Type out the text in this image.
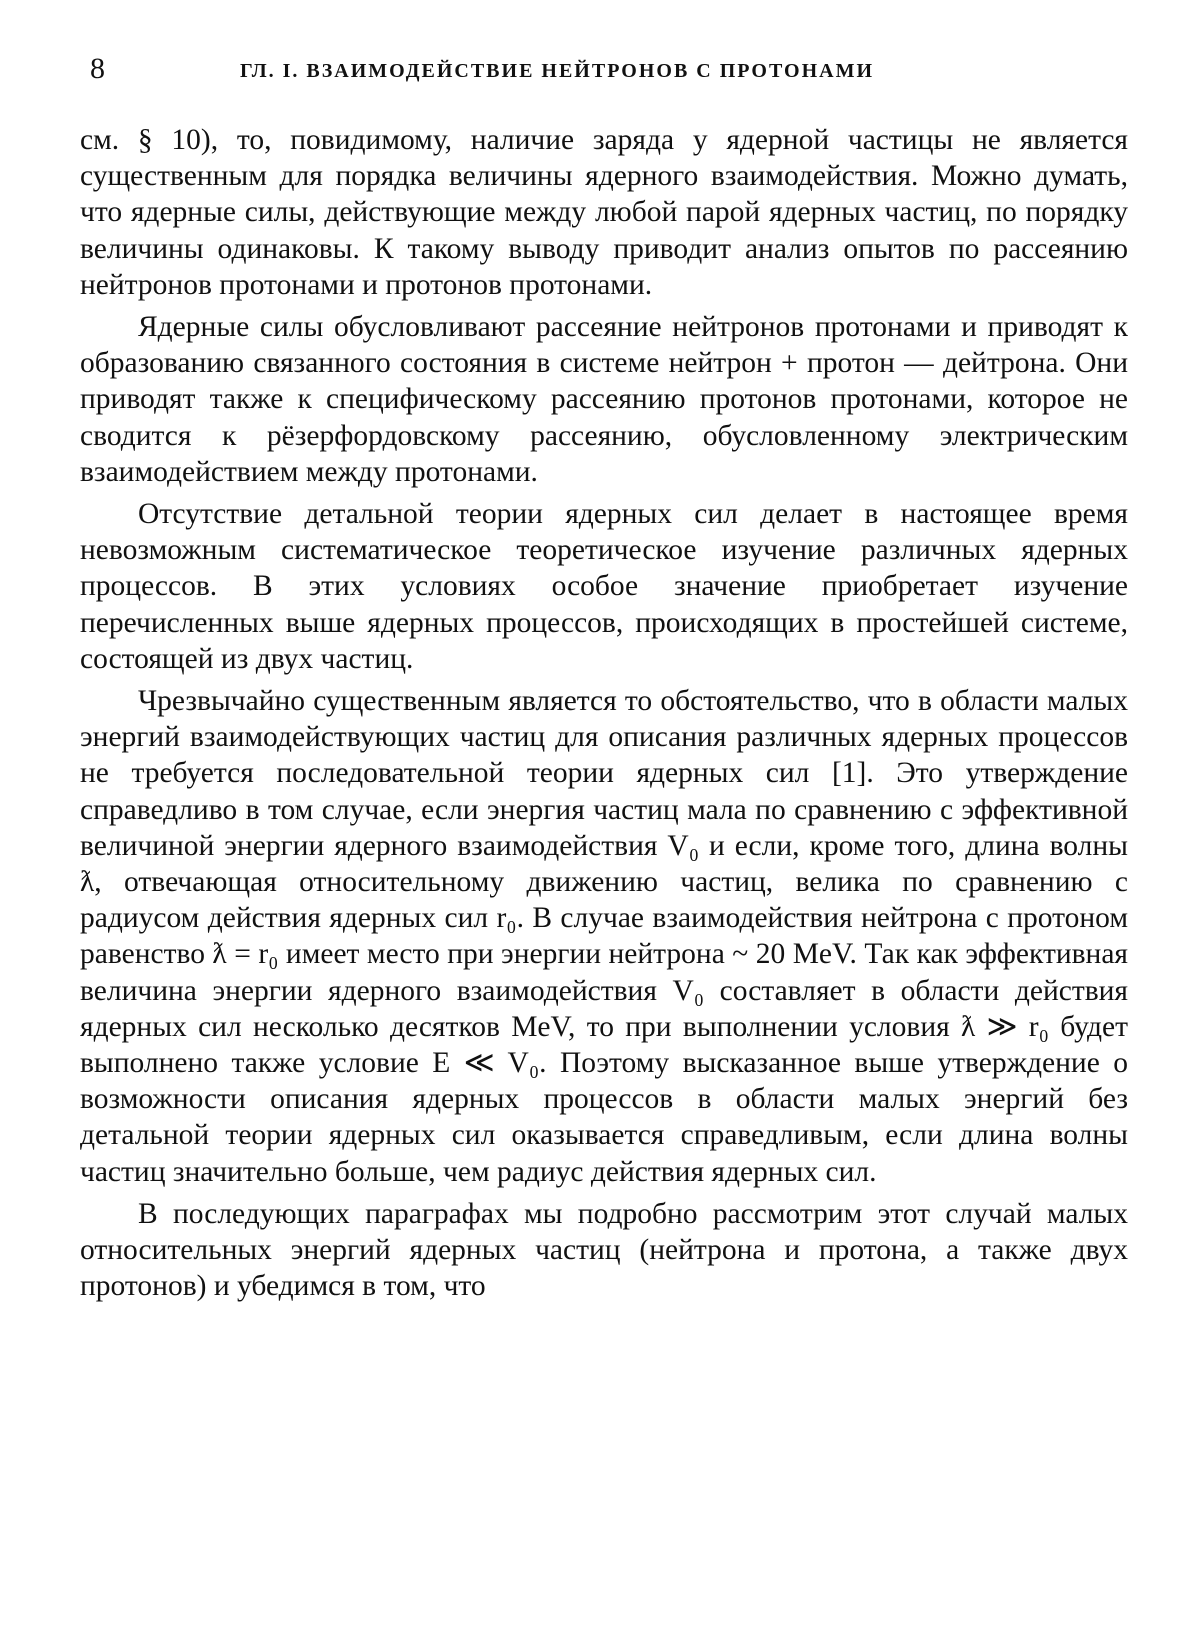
8	ГЛ. I. ВЗАИМОДЕЙСТВИЕ НЕЙТРОНОВ С ПРОТОНАМИ

см. § 10), то, повидимому, наличие заряда у ядерной частицы не является существенным для порядка величины ядерного взаимодействия. Можно думать, что ядерные силы, действующие между любой парой ядерных частиц, по порядку величины одинаковы. К такому выводу приводит анализ опытов по рассеянию нейтронов протонами и протонов протонами.

Ядерные силы обусловливают рассеяние нейтронов протонами и приводят к образованию связанного состояния в системе нейтрон + протон — дейтрона. Они приводят также к специфическому рассеянию протонов протонами, которое не сводится к рёзерфордовскому рассеянию, обусловленному электрическим взаимодействием между протонами.

Отсутствие детальной теории ядерных сил делает в настоящее время невозможным систематическое теоретическое изучение различных ядерных процессов. В этих условиях особое значение приобретает изучение перечисленных выше ядерных процессов, происходящих в простейшей системе, состоящей из двух частиц.

Чрезвычайно существенным является то обстоятельство, что в области малых энергий взаимодействующих частиц для описания различных ядерных процессов не требуется последовательной теории ядерных сил [1]. Это утверждение справедливо в том случае, если энергия частиц мала по сравнению с эффективной величиной энергии ядерного взаимодействия V₀ и если, кроме того, длина волны ƛ, отвечающая относительному движению частиц, велика по сравнению с радиусом действия ядерных сил r₀. В случае взаимодействия нейтрона с протоном равенство ƛ = r₀ имеет место при энергии нейтрона ~ 20 MeV. Так как эффективная величина энергии ядерного взаимодействия V₀ составляет в области действия ядерных сил несколько десятков MeV, то при выполнении условия ƛ ≫ r₀ будет выполнено также условие E ≪ V₀. Поэтому высказанное выше утверждение о возможности описания ядерных процессов в области малых энергий без детальной теории ядерных сил оказывается справедливым, если длина волны частиц значительно больше, чем радиус действия ядерных сил.

В последующих параграфах мы подробно рассмотрим этот случай малых относительных энергий ядерных частиц (нейтрона и протона, а также двух протонов) и убедимся в том, что
